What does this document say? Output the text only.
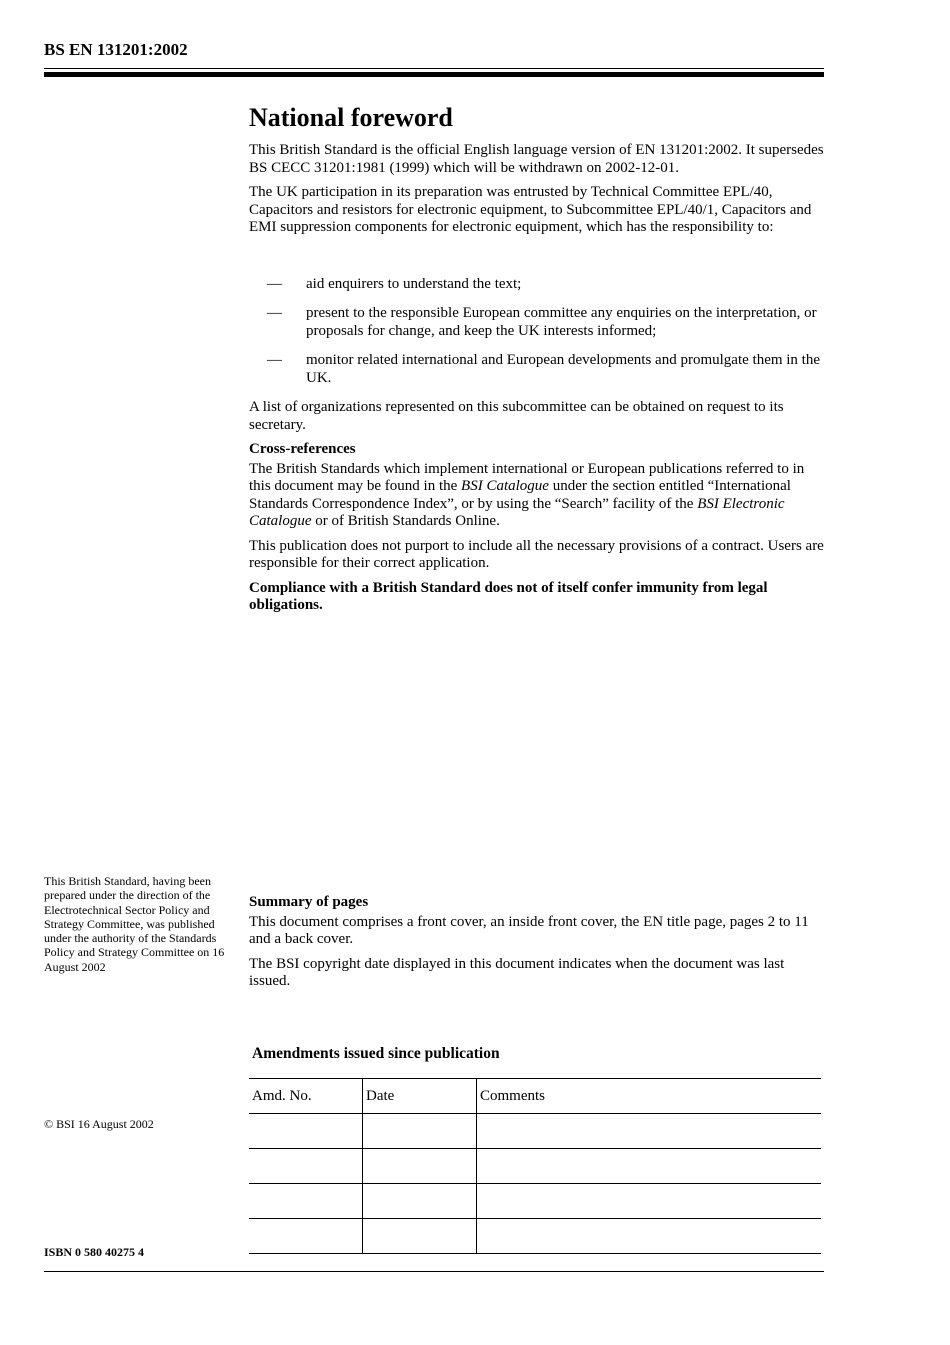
BS EN 131201:2002
National foreword

This British Standard is the official English language version of EN 131201:2002. It supersedes BS CECC 31201:1981 (1999) which will be withdrawn on 2002-12-01.

The UK participation in its preparation was entrusted by Technical Committee EPL/40, Capacitors and resistors for electronic equipment, to Subcommittee EPL/40/1, Capacitors and EMI suppression components for electronic equipment, which has the responsibility to:

— aid enquirers to understand the text;
— present to the responsible European committee any enquiries on the interpretation, or proposals for change, and keep the UK interests informed;
— monitor related international and European developments and promulgate them in the UK.

A list of organizations represented on this subcommittee can be obtained on request to its secretary.

Cross-references

The British Standards which implement international or European publications referred to in this document may be found in the BSI Catalogue under the section entitled “International Standards Correspondence Index”, or by using the “Search” facility of the BSI Electronic Catalogue or of British Standards Online.

This publication does not purport to include all the necessary provisions of a contract. Users are responsible for their correct application.

Compliance with a British Standard does not of itself confer immunity from legal obligations.

This British Standard, having been prepared under the direction of the Electrotechnical Sector Policy and Strategy Committee, was published under the authority of the Standards Policy and Strategy Committee on 16 August 2002
Summary of pages

This document comprises a front cover, an inside front cover, the EN title page, pages 2 to 11 and a back cover.

The BSI copyright date displayed in this document indicates when the document was last issued.

Amendments issued since publication
Amd. No.	Date	Comments

© BSI 16 August 2002
ISBN 0 580 40275 4
